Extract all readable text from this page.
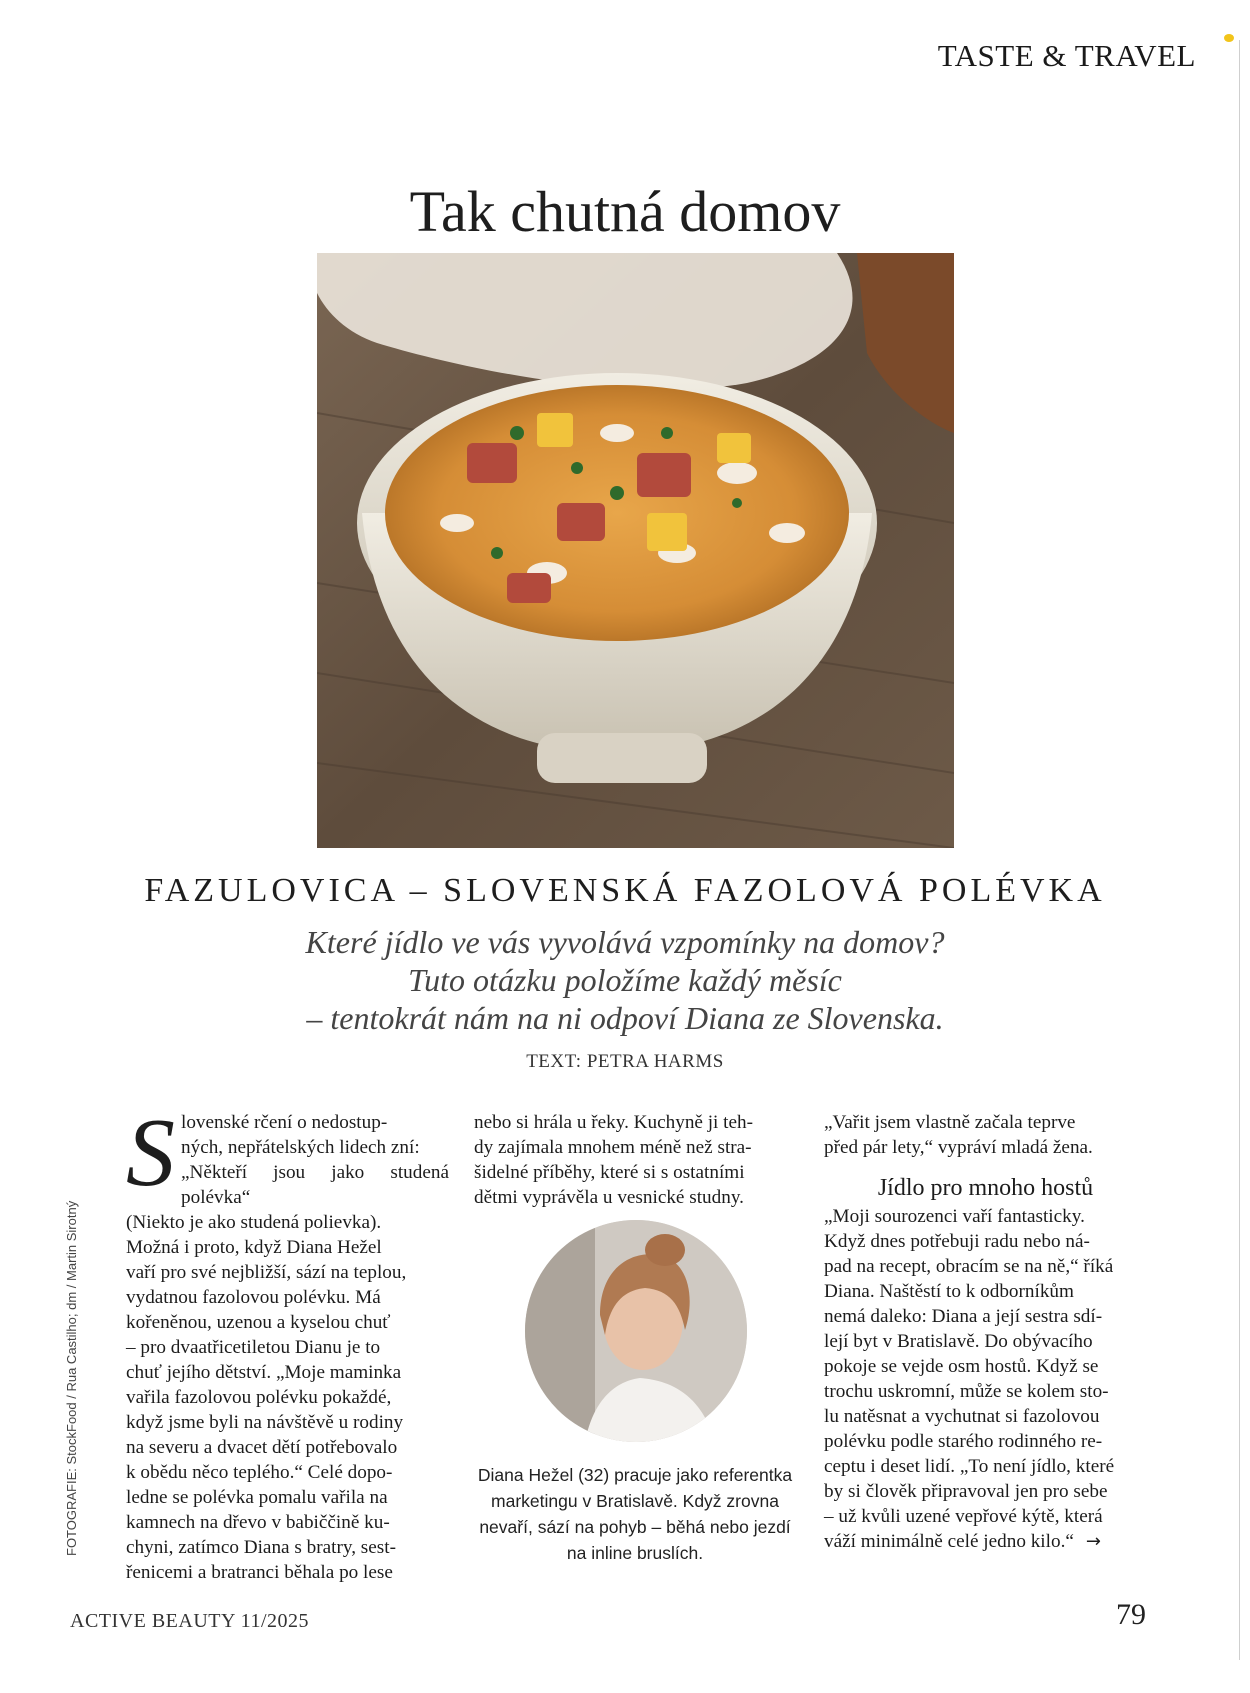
TASTE & TRAVEL
Tak chutná domov
FAZULOVICA – SLOVENSKÁ FAZOLOVÁ POLÉVKA
Které jídlo ve vás vyvolává vzpomínky na domov?
Tuto otázku položíme každý měsíc
– tentokrát nám na ni odpoví Diana ze Slovenska.
TEXT: PETRA HARMS
FOTOGRAFIE: StockFood / Rua Castilho; dm / Martin Sirotný
S lovenské rčení o nedostup-
ných, nepřátelských lidech zní:
„Někteří jsou jako studená polévka“
(Niekto je ako studená polievka).
Možná i proto, když Diana Hežel
vaří pro své nejbližší, sází na teplou,
vydatnou fazolovou polévku. Má
kořeněnou, uzenou a kyselou chuť
– pro dvaatřicetiletou Dianu je to
chuť jejího dětství. „Moje maminka
vařila fazolovou polévku pokaždé,
když jsme byli na návštěvě u rodiny
na severu a dvacet dětí potřebovalo
k obědu něco teplého.“ Celé dopo-
ledne se polévka pomalu vařila na
kamnech na dřevo v babiččině ku-
chyni, zatímco Diana s bratry, sest-
řenicemi a bratranci běhala po lese
nebo si hrála u řeky. Kuchyně ji teh-
dy zajímala mnohem méně než stra-
šidelné příběhy, které si s ostatními
dětmi vyprávěla u vesnické studny.
Diana Hežel (32) pracuje jako referentka
marketingu v Bratislavě. Když zrovna
nevaří, sází na pohyb – běhá nebo jezdí
na inline bruslích.
„Vařit jsem vlastně začala teprve
před pár lety,“ vypráví mladá žena.
Jídlo pro mnoho hostů
„Moji sourozenci vaří fantasticky.
Když dnes potřebuji radu nebo ná-
pad na recept, obracím se na ně,“ říká
Diana. Naštěstí to k odborníkům
nemá daleko: Diana a její sestra sdí-
lejí byt v Bratislavě. Do obývacího
pokoje se vejde osm hostů. Když se
trochu uskromní, může se kolem sto-
lu natěsnat a vychutnat si fazolovou
polévku podle starého rodinného re-
ceptu i deset lidí. „To není jídlo, které
by si člověk připravoval jen pro sebe
– už kvůli uzené vepřové kýtě, která
váží minimálně celé jedno kilo.“ →
ACTIVE BEAUTY 11/2025	79
